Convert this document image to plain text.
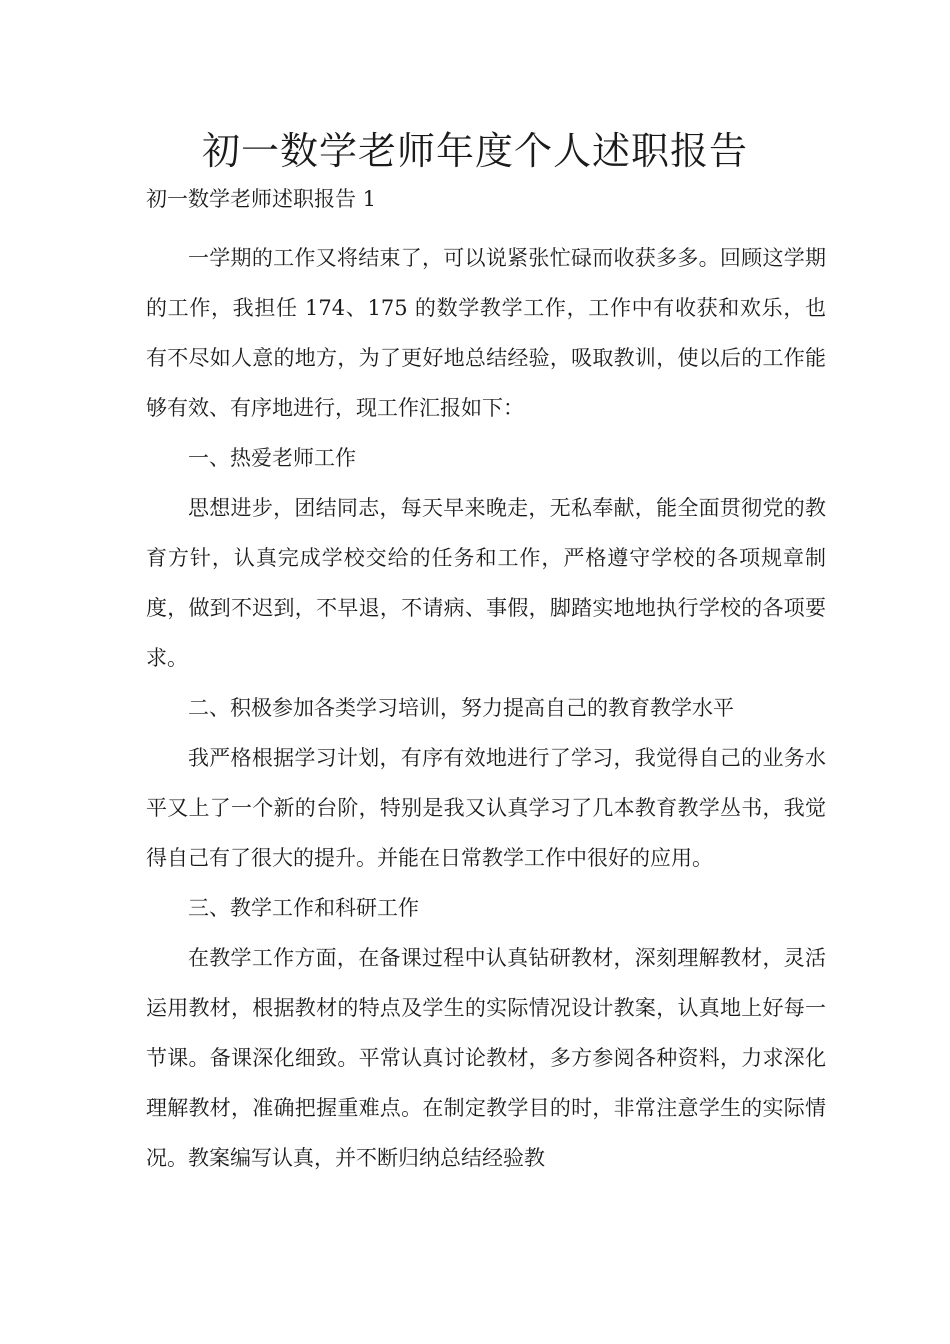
初一数学老师年度个人述职报告

初一数学老师述职报告 1

一学期的工作又将结束了，可以说紧张忙碌而收获多多。回顾这学期的工作，我担任 174、175 的数学教学工作，工作中有收获和欢乐，也有不尽如人意的地方，为了更好地总结经验，吸取教训，使以后的工作能够有效、有序地进行，现工作汇报如下：

一、热爱老师工作

思想进步，团结同志，每天早来晚走，无私奉献，能全面贯彻党的教育方针，认真完成学校交给的任务和工作，严格遵守学校的各项规章制度，做到不迟到，不早退，不请病、事假，脚踏实地地执行学校的各项要求。

二、积极参加各类学习培训，努力提高自己的教育教学水平

我严格根据学习计划，有序有效地进行了学习，我觉得自己的业务水平又上了一个新的台阶，特别是我又认真学习了几本教育教学丛书，我觉得自己有了很大的提升。并能在日常教学工作中很好的应用。

三、教学工作和科研工作

在教学工作方面，在备课过程中认真钻研教材，深刻理解教材，灵活运用教材，根据教材的特点及学生的实际情况设计教案，认真地上好每一节课。备课深化细致。平常认真讨论教材，多方参阅各种资料，力求深化理解教材，准确把握重难点。在制定教学目的时，非常注意学生的实际情况。教案编写认真，并不断归纳总结经验教
